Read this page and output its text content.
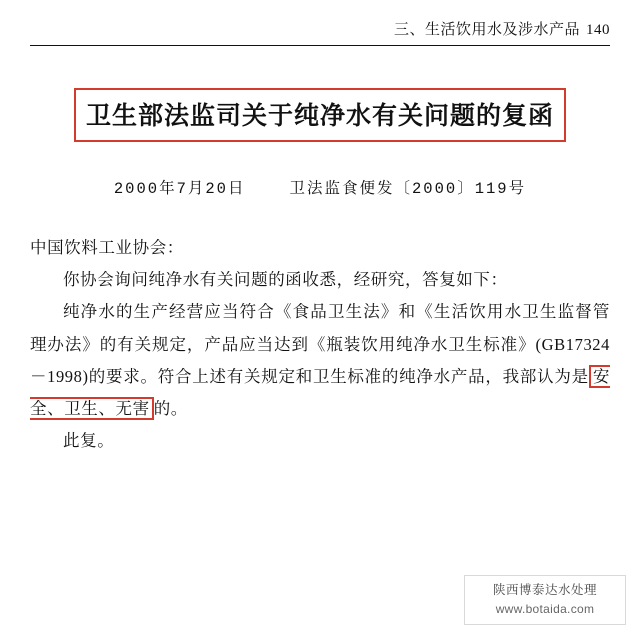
三、生活饮用水及涉水产品 140
卫生部法监司关于纯净水有关问题的复函
2000年7月20日	卫法监食便发〔2000〕119号

中国饮料工业协会：

你协会询问纯净水有关问题的函收悉，经研究，答复如下：

纯净水的生产经营应当符合《食品卫生法》和《生活饮用水卫生监督管理办法》的有关规定，产品应当达到《瓶装饮用纯净水卫生标准》(GB17324－1998)的要求。符合上述有关规定和卫生标准的纯净水产品，我部认为是 安全、卫生、无害 的。

此复。

陕西博泰达水处理
www.botaida.com
